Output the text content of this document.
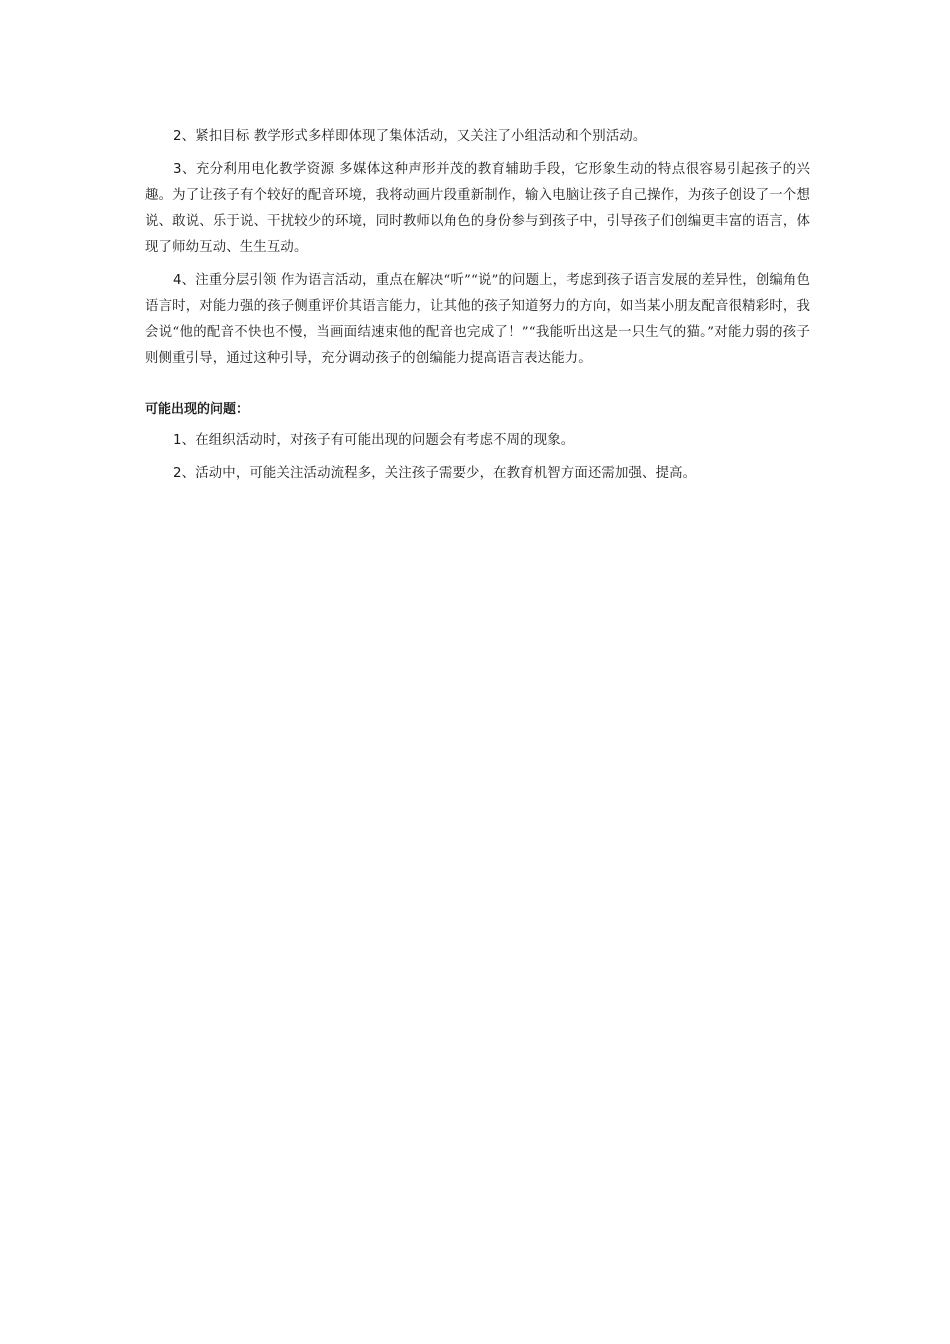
2、紧扣目标 教学形式多样即体现了集体活动，又关注了小组活动和个别活动。

3、充分利用电化教学资源 多媒体这种声形并茂的教育辅助手段，它形象生动的特点很容易引起孩子的兴趣。为了让孩子有个较好的配音环境，我将动画片段重新制作，输入电脑让孩子自己操作，为孩子创设了一个想说、敢说、乐于说、干扰较少的环境，同时教师以角色的身份参与到孩子中，引导孩子们创编更丰富的语言，体现了师幼互动、生生互动。

4、注重分层引领 作为语言活动，重点在解决“听”“说”的问题上，考虑到孩子语言发展的差异性，创编角色语言时，对能力强的孩子侧重评价其语言能力，让其他的孩子知道努力的方向，如当某小朋友配音很精彩时，我会说“他的配音不快也不慢，当画面结速束他的配音也完成了！”“我能听出这是一只生气的猫。”对能力弱的孩子则侧重引导，通过这种引导，充分调动孩子的创编能力提高语言表达能力。

可能出现的问题：

1、在组织活动时，对孩子有可能出现的问题会有考虑不周的现象。

2、活动中，可能关注活动流程多，关注孩子需要少，在教育机智方面还需加强、提高。
